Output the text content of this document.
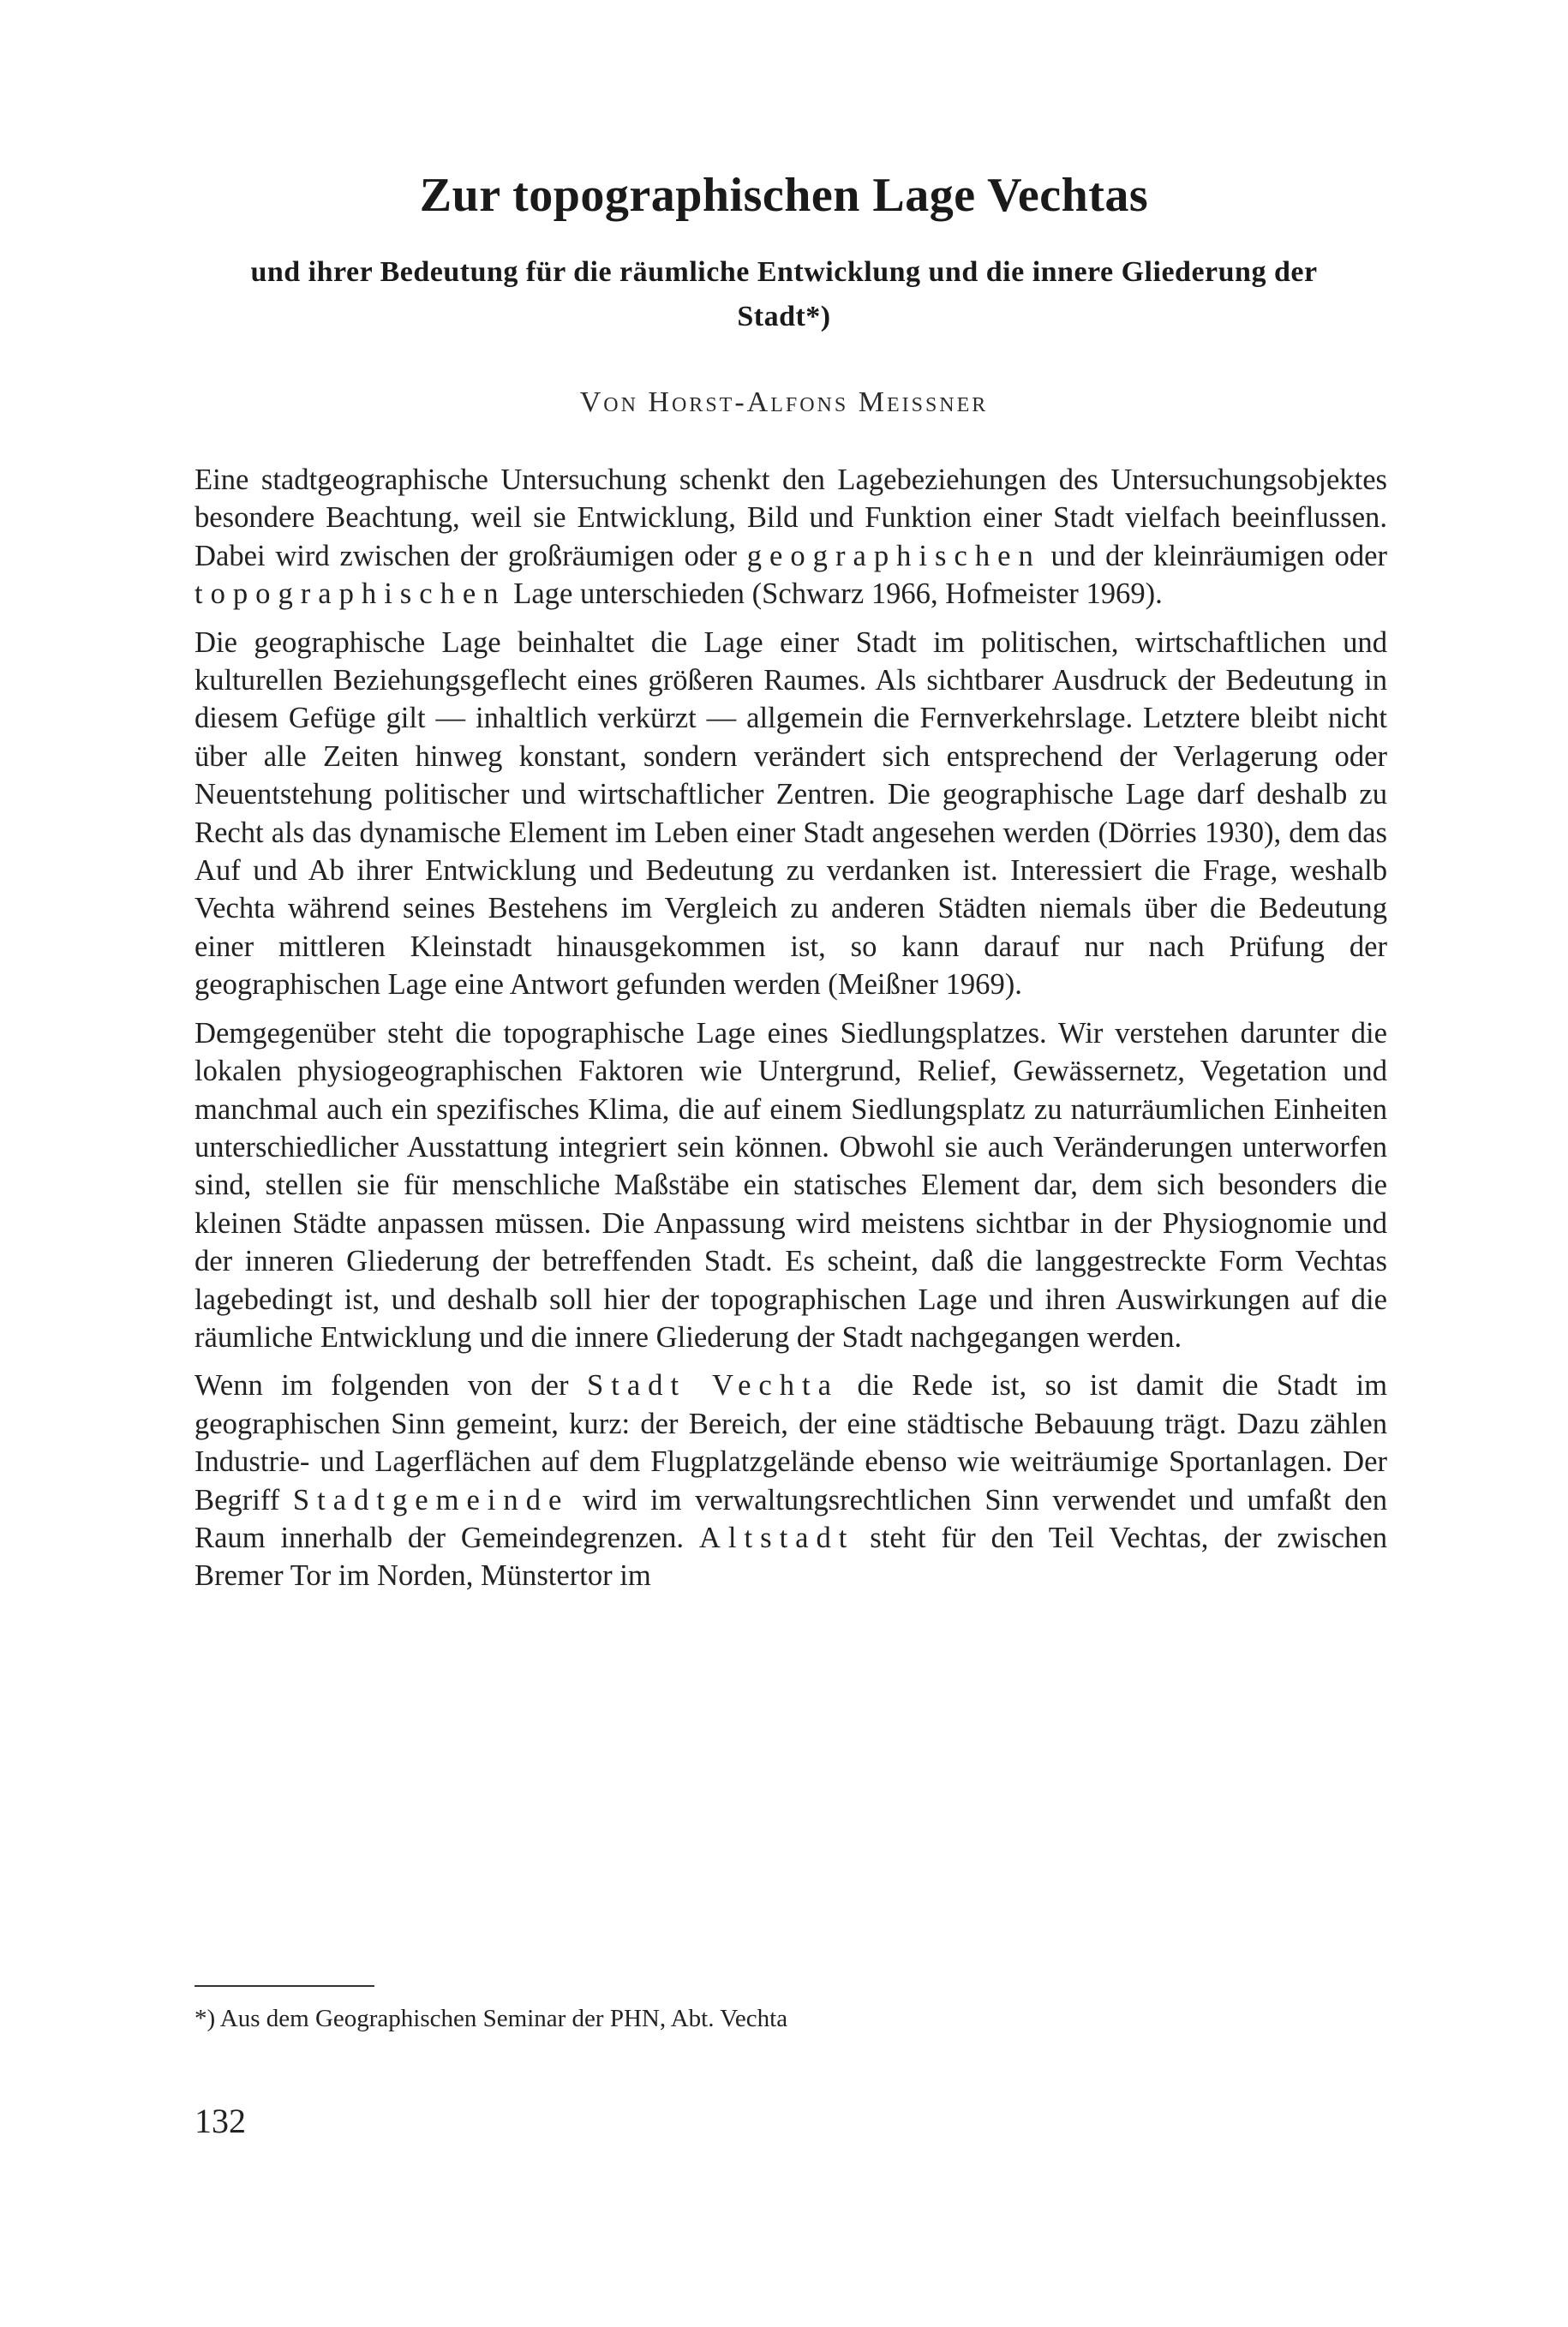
Zur topographischen Lage Vechtas
und ihrer Bedeutung für die räumliche Entwicklung und die innere Gliederung der Stadt*)
Von Horst-Alfons Meissner

Eine stadtgeographische Untersuchung schenkt den Lagebeziehungen des Untersuchungsobjektes besondere Beachtung, weil sie Entwicklung, Bild und Funktion einer Stadt vielfach beeinflussen. Dabei wird zwischen der großräumigen oder geographischen und der kleinräumigen oder topographischen Lage unterschieden (Schwarz 1966, Hofmeister 1969).

Die geographische Lage beinhaltet die Lage einer Stadt im politischen, wirtschaftlichen und kulturellen Beziehungsgeflecht eines größeren Raumes. Als sichtbarer Ausdruck der Bedeutung in diesem Gefüge gilt — inhaltlich verkürzt — allgemein die Fernverkehrslage. Letztere bleibt nicht über alle Zeiten hinweg konstant, sondern verändert sich entsprechend der Verlagerung oder Neuentstehung politischer und wirtschaftlicher Zentren. Die geographische Lage darf deshalb zu Recht als das dynamische Element im Leben einer Stadt angesehen werden (Dörries 1930), dem das Auf und Ab ihrer Entwicklung und Bedeutung zu verdanken ist. Interessiert die Frage, weshalb Vechta während seines Bestehens im Vergleich zu anderen Städten niemals über die Bedeutung einer mittleren Kleinstadt hinausgekommen ist, so kann darauf nur nach Prüfung der geographischen Lage eine Antwort gefunden werden (Meißner 1969).

Demgegenüber steht die topographische Lage eines Siedlungsplatzes. Wir verstehen darunter die lokalen physiogeographischen Faktoren wie Untergrund, Relief, Gewässernetz, Vegetation und manchmal auch ein spezifisches Klima, die auf einem Siedlungsplatz zu naturräumlichen Einheiten unterschiedlicher Ausstattung integriert sein können. Obwohl sie auch Veränderungen unterworfen sind, stellen sie für menschliche Maßstäbe ein statisches Element dar, dem sich besonders die kleinen Städte anpassen müssen. Die Anpassung wird meistens sichtbar in der Physiognomie und der inneren Gliederung der betreffenden Stadt. Es scheint, daß die langgestreckte Form Vechtas lagebedingt ist, und deshalb soll hier der topographischen Lage und ihren Auswirkungen auf die räumliche Entwicklung und die innere Gliederung der Stadt nachgegangen werden.

Wenn im folgenden von der Stadt Vechta die Rede ist, so ist damit die Stadt im geographischen Sinn gemeint, kurz: der Bereich, der eine städtische Bebauung trägt. Dazu zählen Industrie- und Lagerflächen auf dem Flugplatzgelände ebenso wie weiträumige Sportanlagen. Der Begriff Stadtgemeinde wird im verwaltungsrechtlichen Sinn verwendet und umfaßt den Raum innerhalb der Gemeindegrenzen. Altstadt steht für den Teil Vechtas, der zwischen Bremer Tor im Norden, Münstertor im

*) Aus dem Geographischen Seminar der PHN, Abt. Vechta
132
